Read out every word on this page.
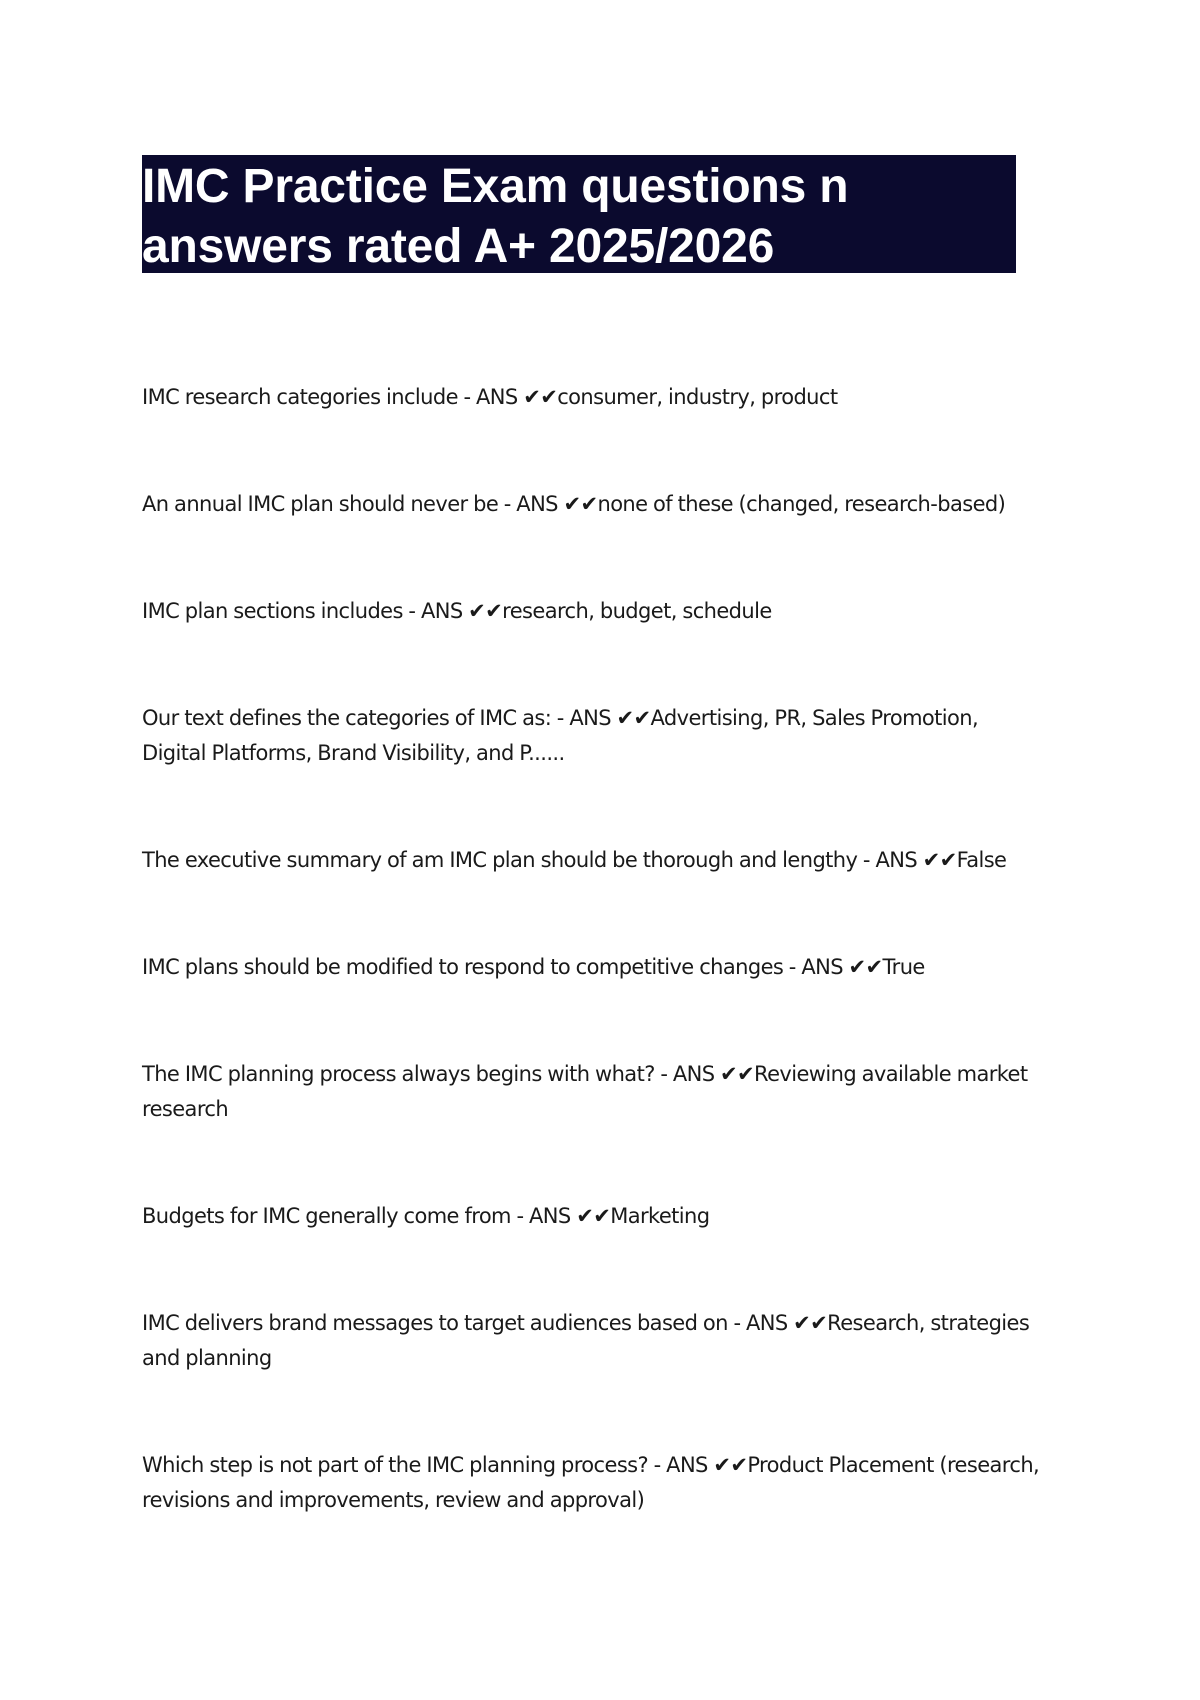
IMC Practice Exam questions n answers rated A+ 2025/2026
IMC research categories include - ANS ✔✔consumer, industry, product
An annual IMC plan should never be - ANS ✔✔none of these (changed, research-based)
IMC plan sections includes - ANS ✔✔research, budget, schedule
Our text defines the categories of IMC as: - ANS ✔✔Advertising, PR, Sales Promotion, Digital Platforms, Brand Visibility, and P......
The executive summary of am IMC plan should be thorough and lengthy - ANS ✔✔False
IMC plans should be modified to respond to competitive changes - ANS ✔✔True
The IMC planning process always begins with what? - ANS ✔✔Reviewing available market research
Budgets for IMC generally come from - ANS ✔✔Marketing
IMC delivers brand messages to target audiences based on - ANS ✔✔Research, strategies and planning
Which step is not part of the IMC planning process? - ANS ✔✔Product Placement (research, revisions and improvements, review and approval)
